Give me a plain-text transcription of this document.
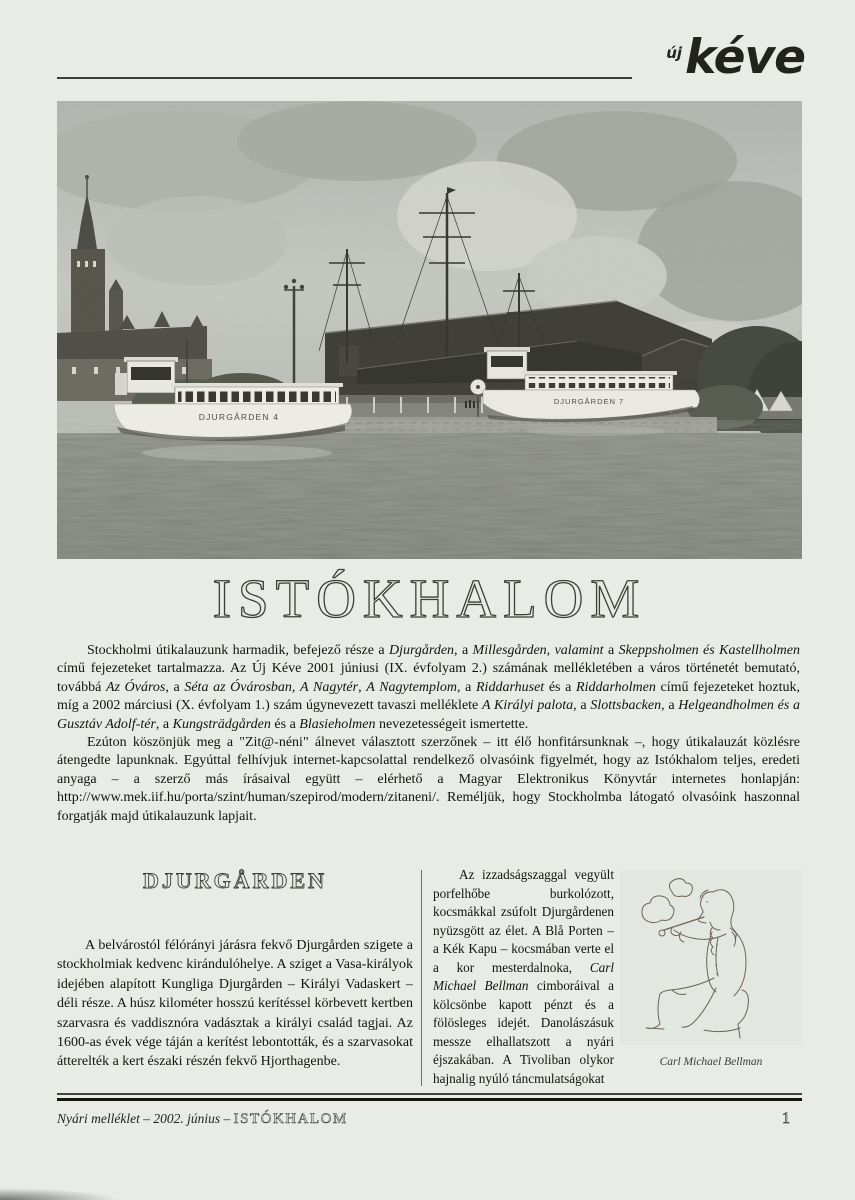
új kéve
ISTÓKHALOM

Stockholmi útikalauzunk harmadik, befejező része a Djurgården, a Millesgården, valamint a Skeppsholmen és Kastellholmen című fejezeteket tartalmazza. Az Új Kéve 2001 júniusi (IX. évfolyam 2.) számának mellékletében a város történetét bemutató, továbbá Az Óváros, a Séta az Óvárosban, A Nagytér, A Nagytemplom, a Riddarhuset és a Riddarholmen című fejezeteket hoztuk, míg a 2002 márciusi (X. évfolyam 1.) szám úgynevezett tavaszi melléklete A Királyi palota, a Slottsbacken, a Helgeandholmen és a Gusztáv Adolf-tér, a Kungsträdgården és a Blasieholmen nevezetességeit ismertette.

Ezúton köszönjük meg a "Zit@-néni" álnevet választott szerzőnek – itt élő honfitársunknak –, hogy útikalauzát közlésre átengedte lapunknak. Egyúttal felhívjuk internet-kapcsolattal rendelkező olvasóink figyelmét, hogy az Istókhalom teljes, eredeti anyaga – a szerző más írásaival együtt – elérhető a Magyar Elektronikus Könyvtár internetes honlapján: http://www.mek.iif.hu/porta/szint/human/szepirod/modern/zitaneni/. Reméljük, hogy Stockholmba látogató olvasóink haszonnal forgatják majd útikalauzunk lapjait.

DJURGÅRDEN

A belvárostól félórányi járásra fekvő Djurgården szigete a stockholmiak kedvenc kirándulóhelye. A sziget a Vasa-királyok idejében alapított Kungliga Djurgården – Királyi Vadaskert – déli része. A húsz kilométer hosszú kerítéssel körbevett kertben szarvasra és vaddisznóra vadásztak a királyi család tagjai. Az 1600-as évek vége táján a kerítést lebontották, és a szarvasokat átterelték a kert északi részén fekvő Hjorthagenbe.

Az izzadságszaggal vegyült porfelhőbe burkolózott, kocsmákkal zsúfolt Djurgårdenen nyüzsgött az élet. A Blå Porten – a Kék Kapu – kocsmában verte el a kor mesterdalnoka, Carl Michael Bellman cimboráival a kölcsönbe kapott pénzt és a fölösleges idejét. Danolászásuk messze elhallatszott a nyári éjszakában. A Tivoliban olykor hajnalig nyúló táncmulatságokat

Carl Michael Bellman
Nyári melléklet – 2002. június – ISTÓKHALOM	1
